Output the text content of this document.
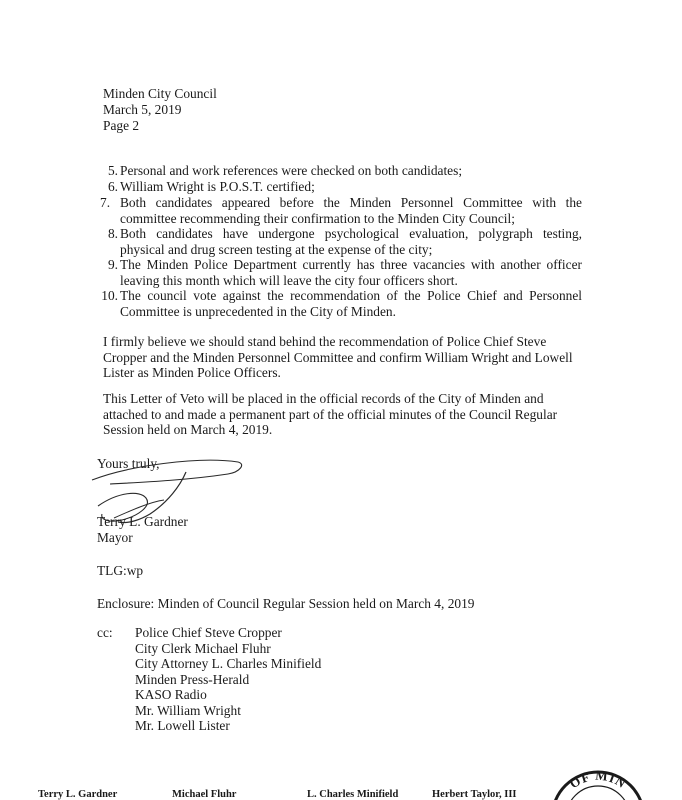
Minden City Council
March 5, 2019
Page 2
5. Personal and work references were checked on both candidates;
6. William Wright is P.O.S.T. certified;
7. Both candidates appeared before the Minden Personnel Committee with the committee recommending their confirmation to the Minden City Council;
8. Both candidates have undergone psychological evaluation, polygraph testing, physical and drug screen testing at the expense of the city;
9. The Minden Police Department currently has three vacancies with another officer leaving this month which will leave the city four officers short.
10. The council vote against the recommendation of the Police Chief and Personnel Committee is unprecedented in the City of Minden.
I firmly believe we should stand behind the recommendation of Police Chief Steve Cropper and the Minden Personnel Committee and confirm William Wright and Lowell Lister as Minden Police Officers.
This Letter of Veto will be placed in the official records of the City of Minden and attached to and made a permanent part of the official minutes of the Council Regular Session held on March 4, 2019.
Yours truly,
Terry L. Gardner
Mayor
TLG:wp
Enclosure: Minden of Council Regular Session held on March 4, 2019
cc: Police Chief Steve Cropper
City Clerk Michael Fluhr
City Attorney L. Charles Minifield
Minden Press-Herald
KASO Radio
Mr. William Wright
Mr. Lowell Lister
Terry L. Gardner	Michael Fluhr	L. Charles Minifield	Herbert Taylor, III
OF MIN
